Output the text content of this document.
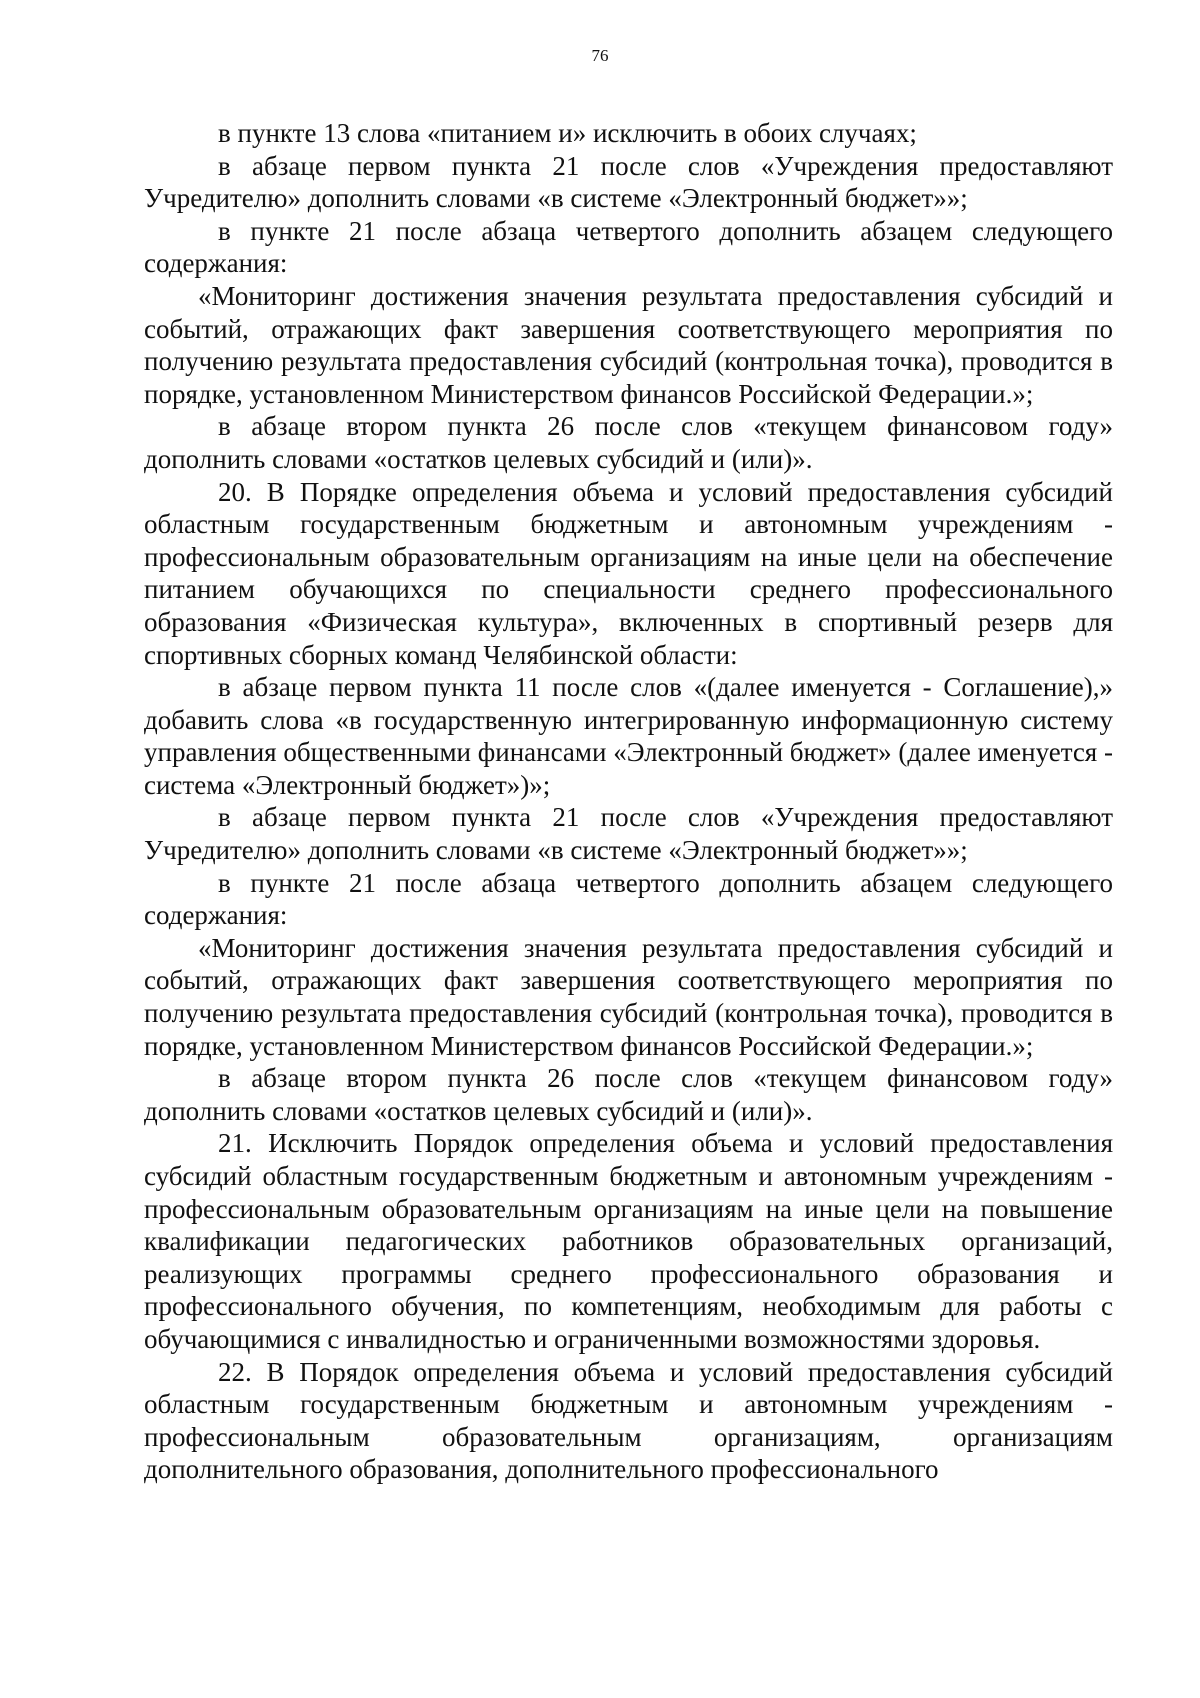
76

в пункте 13 слова «питанием и» исключить в обоих случаях;

в абзаце первом пункта 21 после слов «Учреждения предоставляют Учредителю» дополнить словами «в системе «Электронный бюджет»»;

в пункте 21 после абзаца четвертого дополнить абзацем следующего содержания:

«Мониторинг достижения значения результата предоставления субсидий и событий, отражающих факт завершения соответствующего мероприятия по получению результата предоставления субсидий (контрольная точка), проводится в порядке, установленном Министерством финансов Российской Федерации.»;

в абзаце втором пункта 26 после слов «текущем финансовом году» дополнить словами «остатков целевых субсидий и (или)».

20. В Порядке определения объема и условий предоставления субсидий областным государственным бюджетным и автономным учреждениям - профессиональным образовательным организациям на иные цели на обеспечение питанием обучающихся по специальности среднего профессионального образования «Физическая культура», включенных в спортивный резерв для спортивных сборных команд Челябинской области:

в абзаце первом пункта 11 после слов «(далее именуется - Соглашение),» добавить слова «в государственную интегрированную информационную систему управления общественными финансами «Электронный бюджет» (далее именуется - система «Электронный бюджет»)»;

в абзаце первом пункта 21 после слов «Учреждения предоставляют Учредителю» дополнить словами «в системе «Электронный бюджет»»;

в пункте 21 после абзаца четвертого дополнить абзацем следующего содержания:

«Мониторинг достижения значения результата предоставления субсидий и событий, отражающих факт завершения соответствующего мероприятия по получению результата предоставления субсидий (контрольная точка), проводится в порядке, установленном Министерством финансов Российской Федерации.»;

в абзаце втором пункта 26 после слов «текущем финансовом году» дополнить словами «остатков целевых субсидий и (или)».

21. Исключить Порядок определения объема и условий предоставления субсидий областным государственным бюджетным и автономным учреждениям - профессиональным образовательным организациям на иные цели на повышение квалификации педагогических работников образовательных организаций, реализующих программы среднего профессионального образования и профессионального обучения, по компетенциям, необходимым для работы с обучающимися с инвалидностью и ограниченными возможностями здоровья.

22. В Порядок определения объема и условий предоставления субсидий областным государственным бюджетным и автономным учреждениям - профессиональным образовательным организациям, организациям дополнительного образования, дополнительного профессионального
